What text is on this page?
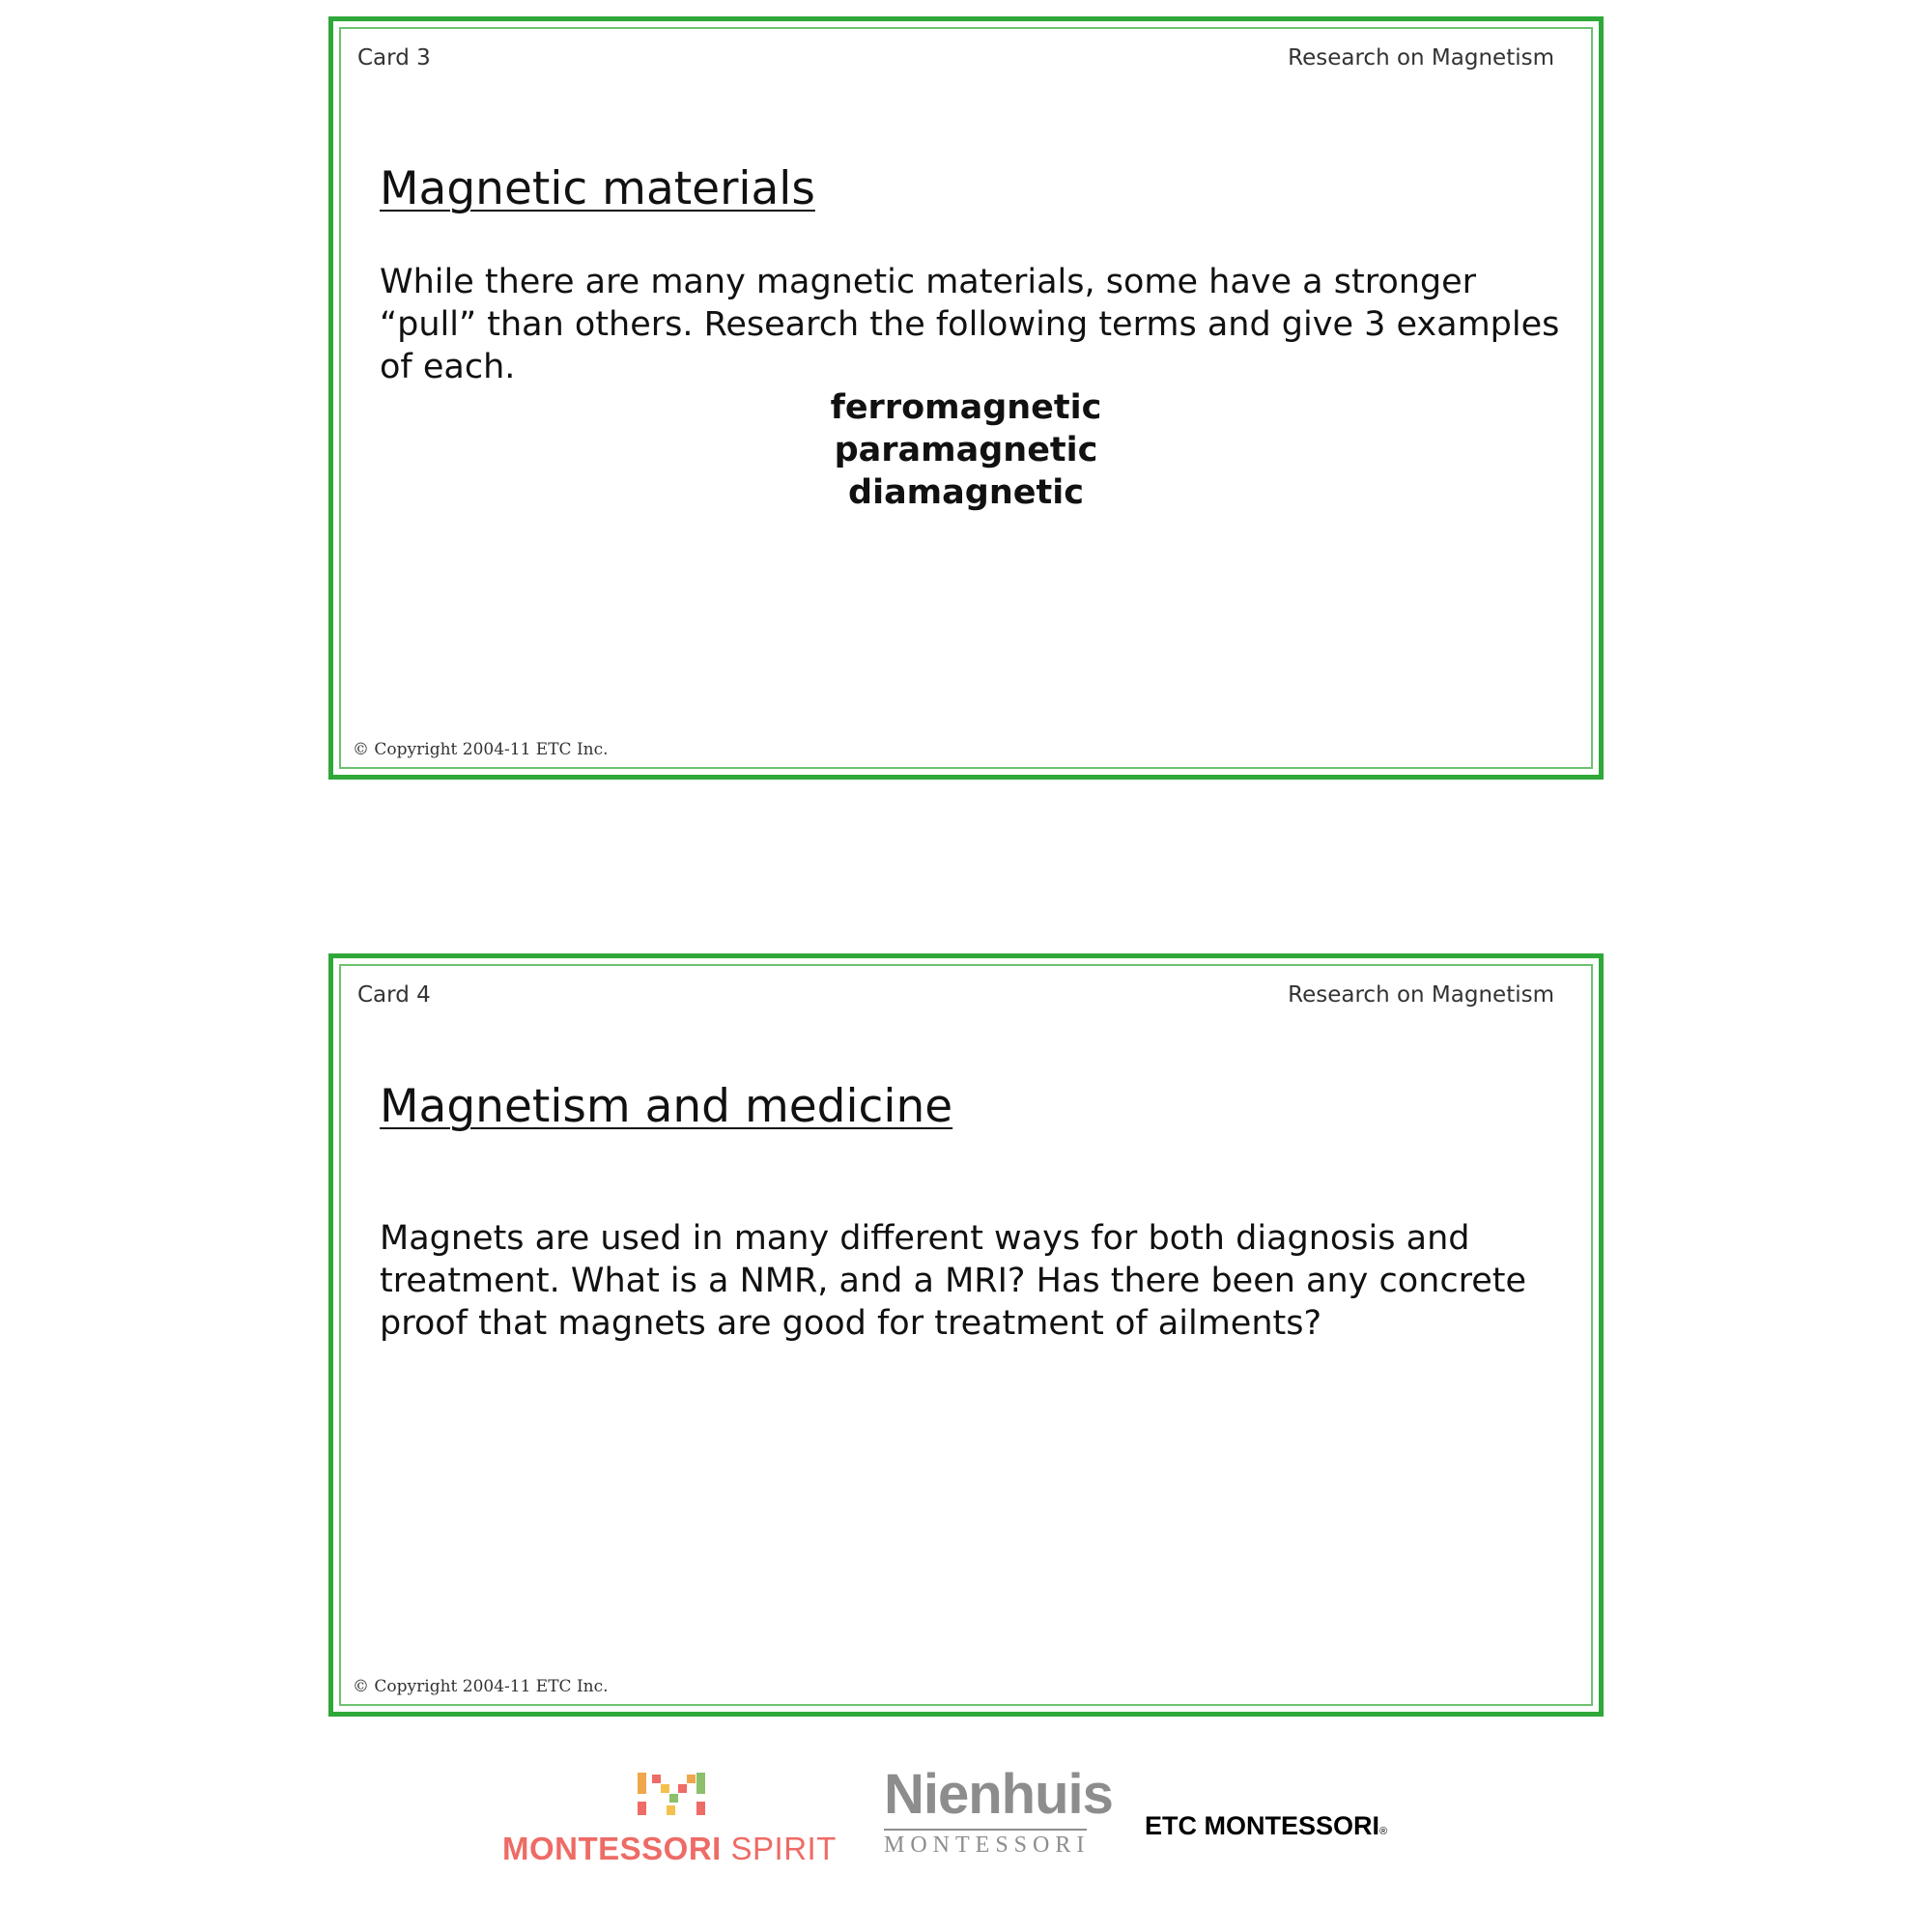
Card 3	Research on Magnetism
Magnetic materials
While there are many magnetic materials, some have a stronger “pull” than others. Research the following terms and give 3 examples of each.
ferromagnetic
paramagnetic
diamagnetic
© Copyright 2004-11 ETC Inc.
Card 4	Research on Magnetism
Magnetism and medicine
Magnets are used in many different ways for both diagnosis and treatment. What is a NMR, and a MRI? Has there been any concrete proof that magnets are good for treatment of ailments?
© Copyright 2004-11 ETC Inc.
MONTESSORI SPIRIT
Nienhuis
MONTESSORI
ETC MONTESSORI®
